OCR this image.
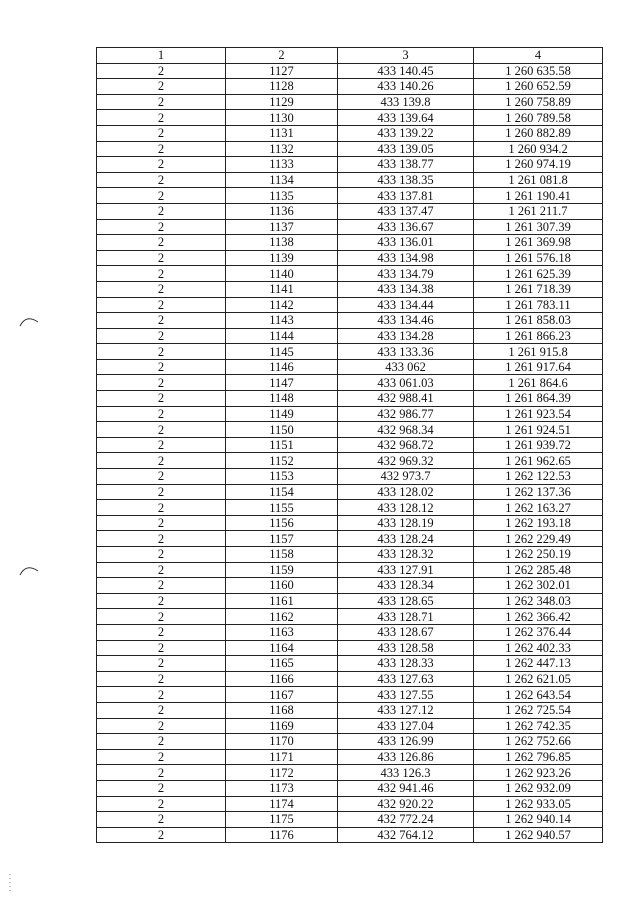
1	2	3	4
2	1127	433 140.45	1 260 635.58
2	1128	433 140.26	1 260 652.59
2	1129	433 139.8	1 260 758.89
2	1130	433 139.64	1 260 789.58
2	1131	433 139.22	1 260 882.89
2	1132	433 139.05	1 260 934.2
2	1133	433 138.77	1 260 974.19
2	1134	433 138.35	1 261 081.8
2	1135	433 137.81	1 261 190.41
2	1136	433 137.47	1 261 211.7
2	1137	433 136.67	1 261 307.39
2	1138	433 136.01	1 261 369.98
2	1139	433 134.98	1 261 576.18
2	1140	433 134.79	1 261 625.39
2	1141	433 134.38	1 261 718.39
2	1142	433 134.44	1 261 783.11
2	1143	433 134.46	1 261 858.03
2	1144	433 134.28	1 261 866.23
2	1145	433 133.36	1 261 915.8
2	1146	433 062	1 261 917.64
2	1147	433 061.03	1 261 864.6
2	1148	432 988.41	1 261 864.39
2	1149	432 986.77	1 261 923.54
2	1150	432 968.34	1 261 924.51
2	1151	432 968.72	1 261 939.72
2	1152	432 969.32	1 261 962.65
2	1153	432 973.7	1 262 122.53
2	1154	433 128.02	1 262 137.36
2	1155	433 128.12	1 262 163.27
2	1156	433 128.19	1 262 193.18
2	1157	433 128.24	1 262 229.49
2	1158	433 128.32	1 262 250.19
2	1159	433 127.91	1 262 285.48
2	1160	433 128.34	1 262 302.01
2	1161	433 128.65	1 262 348.03
2	1162	433 128.71	1 262 366.42
2	1163	433 128.67	1 262 376.44
2	1164	433 128.58	1 262 402.33
2	1165	433 128.33	1 262 447.13
2	1166	433 127.63	1 262 621.05
2	1167	433 127.55	1 262 643.54
2	1168	433 127.12	1 262 725.54
2	1169	433 127.04	1 262 742.35
2	1170	433 126.99	1 262 752.66
2	1171	433 126.86	1 262 796.85
2	1172	433 126.3	1 262 923.26
2	1173	432 941.46	1 262 932.09
2	1174	432 920.22	1 262 933.05
2	1175	432 772.24	1 262 940.14
2	1176	432 764.12	1 262 940.57
